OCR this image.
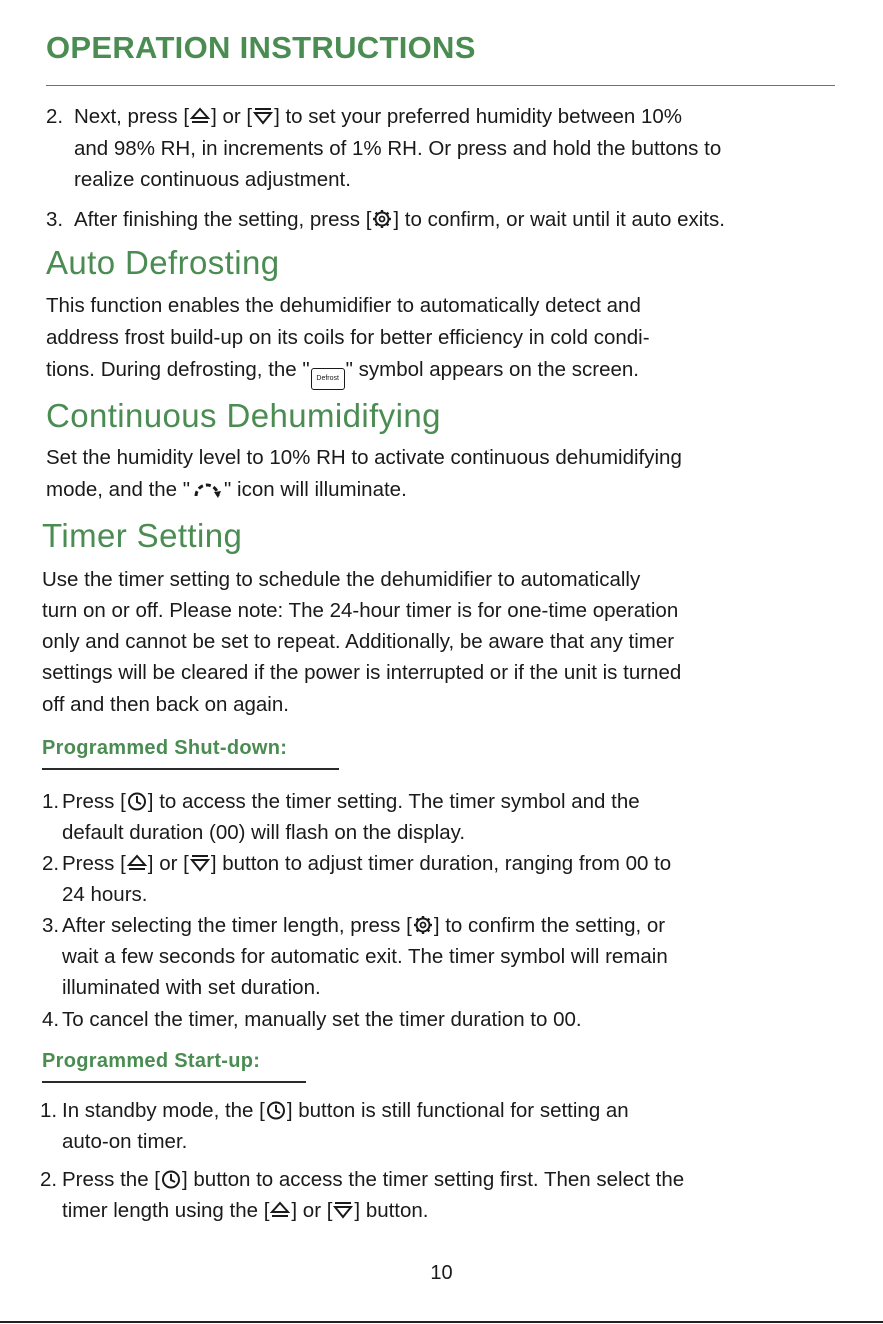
OPERATION INSTRUCTIONS
2. Next, press [ ] or [ ] to set your preferred humidity between 10%
and 98% RH, in increments of 1% RH. Or press and hold the buttons to
realize continuous adjustment.
3. After finishing the setting, press [ ] to confirm, or wait until it auto exits.
Auto Defrosting

This function enables the dehumidifier to automatically detect and

address frost build-up on its coils for better efficiency in cold condi-

tions. During defrosting, the " Defrost " symbol appears on the screen.

Continuous Dehumidifying

Set the humidity level to 10% RH to activate continuous dehumidifying

mode, and the " " icon will illuminate.

Timer Setting

Use the timer setting to schedule the dehumidifier to automatically

turn on or off. Please note: The 24-hour timer is for one-time operation

only and cannot be set to repeat. Additionally, be aware that any timer

settings will be cleared if the power is interrupted or if the unit is turned

off and then back on again.

Programmed Shut-down:
1. Press [ ] to access the timer setting. The timer symbol and the
default duration (00) will flash on the display.
2. Press [ ] or [ ] button to adjust timer duration, ranging from 00 to
24 hours.
3. After selecting the timer length, press [ ] to confirm the setting, or
wait a few seconds for automatic exit. The timer symbol will remain
illuminated with set duration.
4. To cancel the timer, manually set the timer duration to 00.
Programmed Start-up:
1. In standby mode, the [ ] button is still functional for setting an
auto-on timer.
2. Press the [ ] button to access the timer setting first. Then select the
timer length using the [ ] or [ ] button.
10
